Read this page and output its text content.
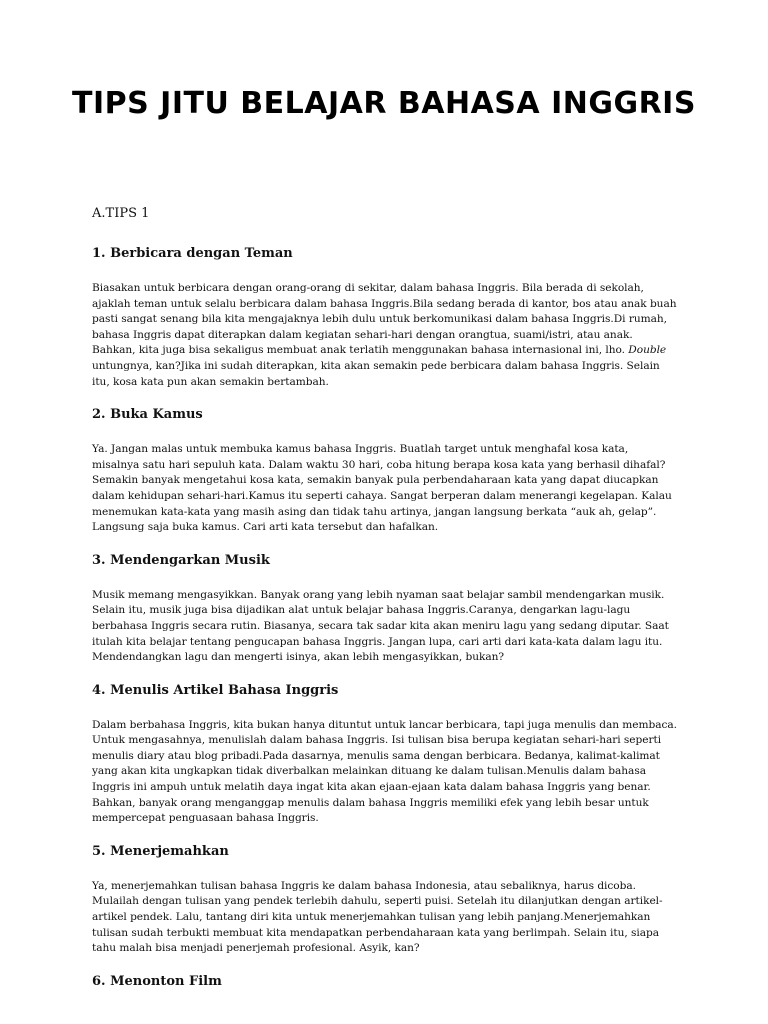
TIPS JITU BELAJAR BAHASA INGGRIS

A.TIPS 1

1. Berbicara dengan Teman

Biasakan untuk berbicara dengan orang-orang di sekitar, dalam bahasa Inggris. Bila berada di sekolah, ajaklah teman untuk selalu berbicara dalam bahasa Inggris.Bila sedang berada di kantor, bos atau anak buah pasti sangat senang bila kita mengajaknya lebih dulu untuk berkomunikasi dalam bahasa Inggris.Di rumah, bahasa Inggris dapat diterapkan dalam kegiatan sehari-hari dengan orangtua, suami/istri, atau anak. Bahkan, kita juga bisa sekaligus membuat anak terlatih menggunakan bahasa internasional ini, lho. Double untungnya, kan?Jika ini sudah diterapkan, kita akan semakin pede berbicara dalam bahasa Inggris. Selain itu, kosa kata pun akan semakin bertambah.

2. Buka Kamus

Ya. Jangan malas untuk membuka kamus bahasa Inggris. Buatlah target untuk menghafal kosa kata, misalnya satu hari sepuluh kata. Dalam waktu 30 hari, coba hitung berapa kosa kata yang berhasil dihafal? Semakin banyak mengetahui kosa kata, semakin banyak pula perbendaharaan kata yang dapat diucapkan dalam kehidupan sehari-hari.Kamus itu seperti cahaya. Sangat berperan dalam menerangi kegelapan. Kalau menemukan kata-kata yang masih asing dan tidak tahu artinya, jangan langsung berkata “auk ah, gelap”. Langsung saja buka kamus. Cari arti kata tersebut dan hafalkan.

3. Mendengarkan Musik

Musik memang mengasyikkan. Banyak orang yang lebih nyaman saat belajar sambil mendengarkan musik. Selain itu, musik juga bisa dijadikan alat untuk belajar bahasa Inggris.Caranya, dengarkan lagu-lagu berbahasa Inggris secara rutin. Biasanya, secara tak sadar kita akan meniru lagu yang sedang diputar. Saat itulah kita belajar tentang pengucapan bahasa Inggris. Jangan lupa, cari arti dari kata-kata dalam lagu itu. Mendendangkan lagu dan mengerti isinya, akan lebih mengasyikkan, bukan?

4. Menulis Artikel Bahasa Inggris

Dalam berbahasa Inggris, kita bukan hanya dituntut untuk lancar berbicara, tapi juga menulis dan membaca. Untuk mengasahnya, menulislah dalam bahasa Inggris. Isi tulisan bisa berupa kegiatan sehari-hari seperti menulis diary atau blog pribadi.Pada dasarnya, menulis sama dengan berbicara. Bedanya, kalimat-kalimat yang akan kita ungkapkan tidak diverbalkan melainkan dituang ke dalam tulisan.Menulis dalam bahasa Inggris ini ampuh untuk melatih daya ingat kita akan ejaan-ejaan kata dalam bahasa Inggris yang benar. Bahkan, banyak orang menganggap menulis dalam bahasa Inggris memiliki efek yang lebih besar untuk mempercepat penguasaan bahasa Inggris.

5. Menerjemahkan

Ya, menerjemahkan tulisan bahasa Inggris ke dalam bahasa Indonesia, atau sebaliknya, harus dicoba. Mulailah dengan tulisan yang pendek terlebih dahulu, seperti puisi. Setelah itu dilanjutkan dengan artikel-artikel pendek. Lalu, tantang diri kita untuk menerjemahkan tulisan yang lebih panjang.Menerjemahkan tulisan sudah terbukti membuat kita mendapatkan perbendaharaan kata yang berlimpah. Selain itu, siapa tahu malah bisa menjadi penerjemah profesional. Asyik, kan?

6. Menonton Film
